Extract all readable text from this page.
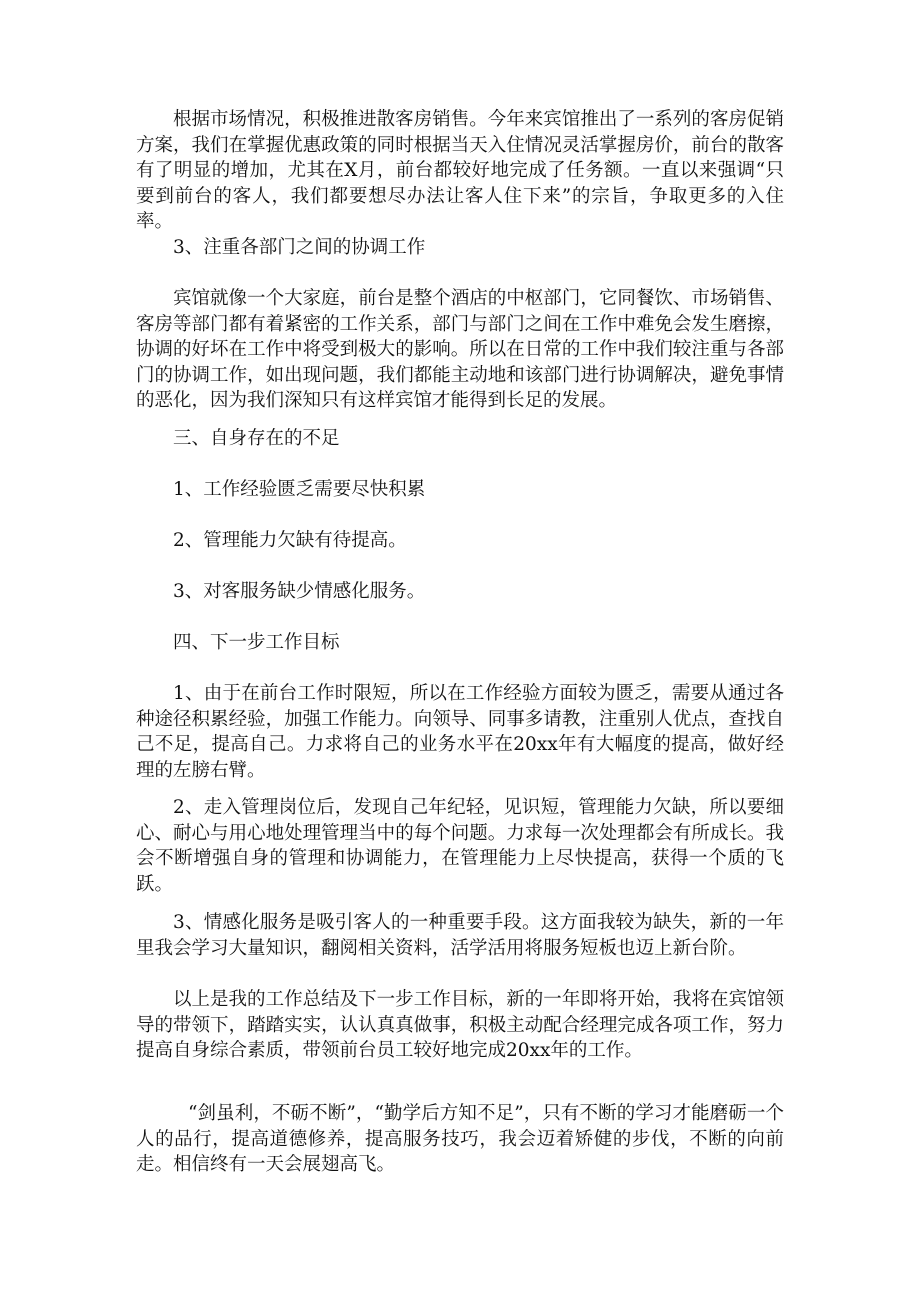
根据市场情况，积极推进散客房销售。今年来宾馆推出了一系列的客房促销方案，我们在掌握优惠政策的同时根据当天入住情况灵活掌握房价，前台的散客有了明显的增加，尤其在X月，前台都较好地完成了任务额。一直以来强调“只要到前台的客人，我们都要想尽办法让客人住下来”的宗旨，争取更多的入住率。

3、注重各部门之间的协调工作

宾馆就像一个大家庭，前台是整个酒店的中枢部门，它同餐饮、市场销售、客房等部门都有着紧密的工作关系，部门与部门之间在工作中难免会发生磨擦，协调的好坏在工作中将受到极大的影响。所以在日常的工作中我们较注重与各部门的协调工作，如出现问题，我们都能主动地和该部门进行协调解决，避免事情的恶化，因为我们深知只有这样宾馆才能得到长足的发展。

三、自身存在的不足

1、工作经验匮乏需要尽快积累

2、管理能力欠缺有待提高。

3、对客服务缺少情感化服务。

四、下一步工作目标

1、由于在前台工作时限短，所以在工作经验方面较为匮乏，需要从通过各种途径积累经验，加强工作能力。向领导、同事多请教，注重别人优点，查找自己不足，提高自己。力求将自己的业务水平在20xx年有大幅度的提高，做好经理的左膀右臂。

2、走入管理岗位后，发现自己年纪轻，见识短，管理能力欠缺，所以要细心、耐心与用心地处理管理当中的每个问题。力求每一次处理都会有所成长。我会不断增强自身的管理和协调能力，在管理能力上尽快提高，获得一个质的飞跃。

3、情感化服务是吸引客人的一种重要手段。这方面我较为缺失，新的一年里我会学习大量知识，翻阅相关资料，活学活用将服务短板也迈上新台阶。

以上是我的工作总结及下一步工作目标，新的一年即将开始，我将在宾馆领导的带领下，踏踏实实，认认真真做事，积极主动配合经理完成各项工作，努力提高自身综合素质，带领前台员工较好地完成20xx年的工作。

“剑虽利，不砺不断”，“勤学后方知不足”，只有不断的学习才能磨砺一个人的品行，提高道德修养，提高服务技巧，我会迈着矫健的步伐，不断的向前走。相信终有一天会展翅高飞。
